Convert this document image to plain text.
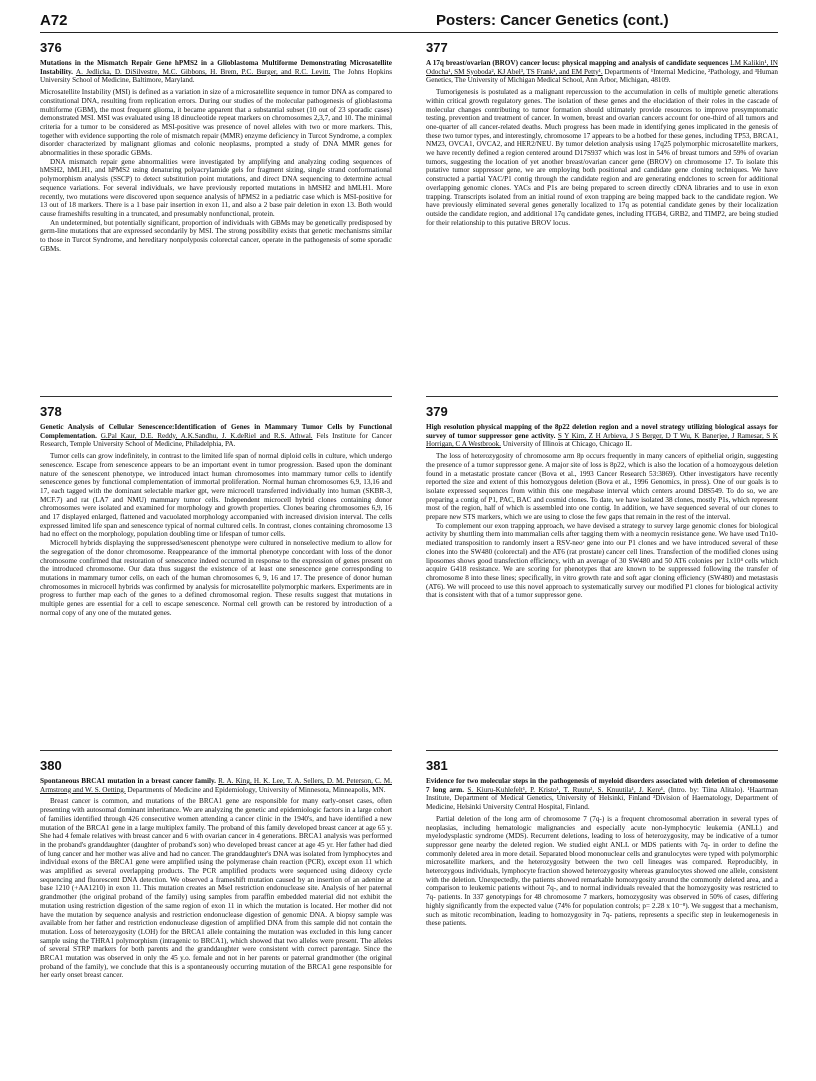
A72	Posters: Cancer Genetics (cont.)
376
Mutations in the Mismatch Repair Gene hPMS2 in a Glioblastoma Multiforme Demonstrating Microsatellite Instability. A. Jedlicka, D. DiSilvestre, M.C. Gibbons, H. Brem, P.C. Burger, and R.C. Levitt. The Johns Hopkins University School of Medicine, Baltimore, Maryland.

Microsatellite Instability (MSI) is defined as a variation in size of a microsatellite sequence in tumor DNA as compared to constitutional DNA, resulting from replication errors. During our studies of the molecular pathogenesis of glioblastoma multiforme (GBM), the most frequent glioma, it became apparent that a substantial subset (10 out of 23 sporadic cases) demonstrated MSI. MSI was evaluated using 18 dinucleotide repeat markers on chromosomes 2,3,7, and 10. The minimal criteria for a tumor to be considered as MSI-positive was presence of novel alleles with two or more markers. This, together with evidence supporting the role of mismatch repair (MMR) enzyme deficiency in Turcot Syndrome, a complex disorder characterized by malignant gliomas and colonic neoplasms, prompted a study of DNA MMR genes for abnormalities in these sporadic GBMs.

DNA mismatch repair gene abnormalities were investigated by amplifying and analyzing coding sequences of hMSH2, hMLH1, and hPMS2 using denaturing polyacrylamide gels for fragment sizing, single strand conformational polymorphism analysis (SSCP) to detect substitution point mutations, and direct DNA sequencing to determine actual sequence variations. For several individuals, we have previously reported mutations in hMSH2 and hMLH1. More recently, two mutations were discovered upon sequence analysis of hPMS2 in a pediatric case which is MSI-positive for 13 out of 18 markers. There is a 1 base pair insertion in exon 11, and also a 2 base pair deletion in exon 13. Both would cause frameshifts resulting in a truncated, and presumably nonfunctional, protein.

An undetermined, but potentially significant, proportion of individuals with GBMs may be genetically predisposed by germ-line mutations that are expressed secondarily by MSI. The strong possibility exists that genetic mechanisms similar to those in Turcot Syndrome, and hereditary nonpolyposis colorectal cancer, operate in the pathogenesis of some sporadic GBMs.

377
A 17q breast/ovarian (BROV) cancer locus: physical mapping and analysis of candidate sequences LM Kalikin¹, IN Odocha¹, SM Syoboda², KJ Abel³, TS Frank¹, and EM Petty¹. Departments of ¹Internal Medicine, ²Pathology, and ³Human Genetics, The University of Michigan Medical School, Ann Arbor, Michigan, 48109.

Tumorigenesis is postulated as a malignant repercussion to the accumulation in cells of multiple genetic alterations within critical growth regulatory genes. The isolation of these genes and the elucidation of their roles in the cascade of molecular changes contributing to tumor formation should ultimately provide resources to improve presymptomatic testing, prevention and treatment of cancer. In women, breast and ovarian cancers account for one-third of all tumors and one-quarter of all cancer-related deaths. Much progress has been made in identifying genes implicated in the genesis of these two tumor types, and interestingly, chromosome 17 appears to be a hotbed for these genes, including TP53, BRCA1, NM23, OVCA1, OVCA2, and HER2/NEU. By tumor deletion analysis using 17q25 polymorphic microsatellite markers, we have recently defined a region centered around D17S937 which was lost in 54% of breast tumors and 59% of ovarian tumors, suggesting the location of yet another breast/ovarian cancer gene (BROV) on chromosome 17. To isolate this putative tumor suppressor gene, we are employing both positional and candidate gene cloning techniques. We have constructed a partial YAC/P1 contig through the candidate region and are generating endclones to screen for additional overlapping genomic clones. YACs and P1s are being prepared to screen directly cDNA libraries and to use in exon trapping. Transcripts isolated from an initial round of exon trapping are being mapped back to the candidate region. We have previously eliminated several genes generally localized to 17q as potential candidate genes by their localization outside the candidate region, and additional 17q candidate genes, including ITGB4, GRB2, and TIMP2, are being studied for their relationship to this putative BROV locus.

378
Genetic Analysis of Cellular Senescence:Identification of Genes in Mammary Tumor Cells by Functional Complementation. G.Pal Kaur, D.E. Reddy, A.K.Sandhu, J. K.deRiel and R.S. Athwal. Fels Institute for Cancer Research, Temple University School of Medicine, Philadelphia, PA.

Tumor cells can grow indefinitely, in contrast to the limited life span of normal diploid cells in culture, which undergo senescence. Escape from senescence appears to be an important event in tumor progression. Based upon the dominant nature of the senescent phenotype, we introduced intact human chromosomes into mammary tumor cells to identify senescence genes by functional complementation of immortal proliferation. Normal human chromosomes 6,9, 13,16 and 17, each tagged with the dominant selectable marker gpt, were microcell transferred individually into human (SKBR-3, MCF.7) and rat (LA7 and NMU) mammary tumor cells. Independent microcell hybrid clones containing donor chromosomes were isolated and examined for morphology and growth properties. Clones bearing chromosomes 6,9, 16 and 17 displayed enlarged, flattened and vacuolated morphology accompanied with increased division interval. The cells expressed limited life span and senescence typical of normal cultured cells. In contrast, clones containing chromosome 13 had no effect on the morphology, population doubling time or lifespan of tumor cells.

Microcell hybrids displaying the suppressed/senescent phenotype were cultured in nonselective medium to allow for the segregation of the donor chromosome. Reappearance of the immortal phenotype concordant with loss of the donor chromosome confirmed that restoration of senescence indeed occurred in response to the expression of genes present on the introduced chromosome. Our data thus suggest the existence of at least one senescence gene corresponding to mutations in mammary tumor cells, on each of the human chromosomes 6, 9, 16 and 17. The presence of donor human chromosomes in microcell hybrids was confirmed by analysis for microsatellite polymorphic markers. Experiments are in progress to further map each of the genes to a defined chromosomal region. These results suggest that mutations in multiple genes are essential for a cell to escape senescence. Normal cell growth can be restored by introduction of a normal copy of any one of the mutated genes.

379
High resolution physical mapping of the 8p22 deletion region and a novel strategy utilizing biological assays for survey of tumor suppressor gene activity. S Y Kim, Z H Arbieva, J S Berger, D T Wu, K Banerjee, J Ramesar, S K Horrigan, C A Westbrook. University of Illinois at Chicago, Chicago IL

The loss of heterozygosity of chromosome arm 8p occurs frequently in many cancers of epithelial origin, suggesting the presence of a tumor suppressor gene. A major site of loss is 8p22, which is also the location of a homozygous deletion found in a metastatic prostate cancer (Bova et al., 1993 Cancer Research 53:3869). Other investigators have recently reported the size and extent of this homozygous deletion (Bova et al., 1996 Genomics, in press). One of our goals is to isolate expressed sequences from within this one megabase interval which centers around D8S549. To do so, we are preparing a contig of P1, PAC, BAC and cosmid clones. To date, we have isolated 38 clones, mostly P1s, which represent most of the region, half of which is assembled into one contig. In addition, we have sequenced several of our clones to prepare new STS markers, which we are using to close the few gaps that remain in the rest of the interval.

To complement our exon trapping approach, we have devised a strategy to survey large genomic clones for biological activity by shuttling them into mammalian cells after tagging them with a neomycin resistance gene. We have used Tn10-mediated transposition to randomly insert a RSV-neoʳ gene into our P1 clones and we have introduced several of these clones into the SW480 (colorectal) and the AT6 (rat prostate) cancer cell lines. Transfection of the modified clones using liposomes shows good transfection efficiency, with an average of 30 SW480 and 50 AT6 colonies per 1x10⁴ cells which acquire G418 resistance. We are scoring for phenotypes that are known to be suppressed following the transfer of chromosome 8 into these lines; specifically, in vitro growth rate and soft agar cloning efficiency (SW480) and metastasis (AT6). We will proceed to use this novel approach to systematically survey our modified P1 clones for biological activity that is consistent with that of a tumor suppressor gene.

380
Spontaneous BRCA1 mutation in a breast cancer family. R. A. King, H. K. Lee, T. A. Sellers, D. M. Peterson, C. M. Armstrong and W. S. Oetting. Departments of Medicine and Epidemiology, University of Minnesota, Minneapolis, MN.

Breast cancer is common, and mutations of the BRCA1 gene are responsible for many early-onset cases, often presenting with autosomal dominant inheritance. We are analyzing the genetic and epidemiologic factors in a large cohort of families identified through 426 consecutive women attending a cancer clinic in the 1940's, and have identified a new mutation of the BRCA1 gene in a large multiplex family. The proband of this family developed breast cancer at age 65 y. She had 4 female relatives with breast cancer and 6 with ovarian cancer in 4 generations. BRCA1 analysis was performed in the proband's granddaughter (daughter of proband's son) who developed breast cancer at age 45 yr. Her father had died of lung cancer and her mother was alive and had no cancer. The granddaughter's DNA was isolated from lymphocytes and individual exons of the BRCA1 gene were amplified using the polymerase chain reaction (PCR), except exon 11 which was amplified as several overlapping products. The PCR amplified products were sequenced using dideoxy cycle sequencing and fluorescent DNA detection. We observed a frameshift mutation caused by an insertion of an adenine at base 1210 (+AA1210) in exon 11. This mutation creates an MseI restriction endonuclease site. Analysis of her paternal grandmother (the original proband of the family) using samples from paraffin embedded material did not exhibit the mutation using restriction digestion of the same region of exon 11 in which the mutation is located. Her mother did not have the mutation by sequence analysis and restriction endonuclease digestion of genomic DNA. A biopsy sample was available from her father and restriction endonuclease digestion of amplified DNA from this sample did not contain the mutation. Loss of heterozygosity (LOH) for the BRCA1 allele containing the mutation was excluded in this lung cancer sample using the THRA1 polymorphism (intragenic to BRCA1), which showed that two alleles were present. The alleles of several STRP markers for both parents and the granddaughter were consistent with correct parentage. Since the BRCA1 mutation was observed in only the 45 y.o. female and not in her parents or paternal grandmother (the original proband of the family), we conclude that this is a spontaneously occurring mutation of the BRCA1 gene responsible for her early onset breast cancer.

381
Evidence for two molecular steps in the pathogenesis of myeloid disorders associated with deletion of chromosome 7 long arm. S. Kiuru-Kuhlefelt¹, P. Kristo¹, T. Ruutu², S. Knuutila¹, J. Kere¹. (Intro. by: Tiina Alitalo). ¹Haartman Institute, Department of Medical Genetics, University of Helsinki, Finland ²Division of Haematology, Department of Medicine, Helsinki University Central Hospital, Finland.

Partial deletion of the long arm of chromosome 7 (7q-) is a frequent chromosomal aberration in several types of neoplasias, including hematologic malignancies and especially acute non-lymphocytic leukemia (ANLL) and myelodysplastic syndrome (MDS). Recurrent deletions, leading to loss of heterozygosity, may be indicative of a tumor suppressor gene nearby the deleted region. We studied eight ANLL or MDS patients with 7q- in order to define the commonly deleted area in more detail. Separated blood mononuclear cells and granulocytes were typed with polymorphic microsatellite markers, and the heterozygosity between the two cell lineages was compared. Reproducibly, in heterozygous individuals, lymphocyte fraction showed heterozygosity whereas granulocytes showed one allele, consistent with the deletion. Unexpectedly, the patients showed remarkable homozygosity around the commonly deleted area, and a comparison to leukemic patients without 7q-, and to normal individuals revealed that the homozygosity was restricted to 7q- patients. In 337 genotypings for 48 chromosome 7 markers, homozygosity was observed in 50% of cases, differing highly significantly from the expected value (74% for population controls; p= 2.28 x 10⁻⁸). We suggest that a mechanism, such as mitotic recombination, leading to homozygosity in 7q- patiens, represents a specific step in leukemogenesis in these patients.
